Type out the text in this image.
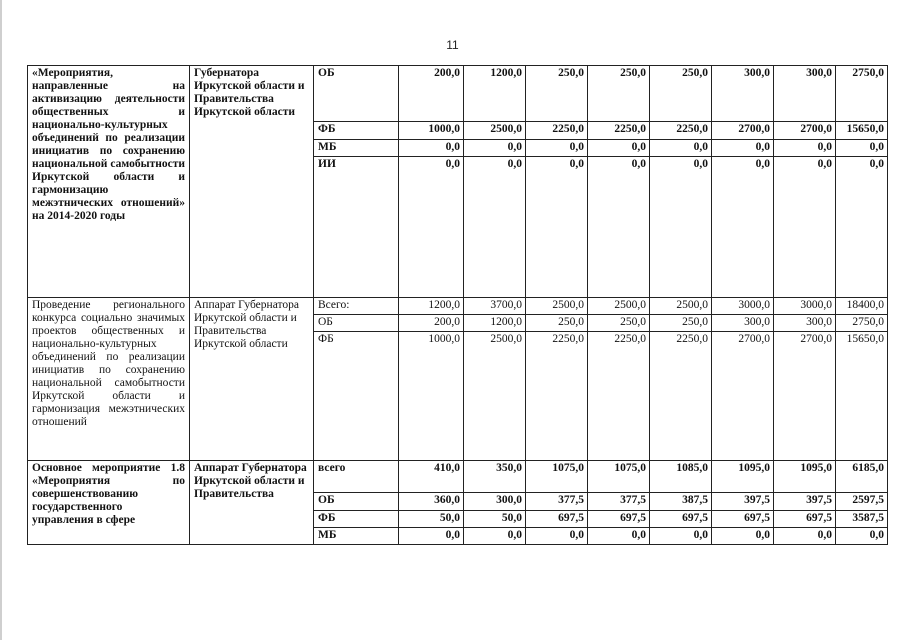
11
«Мероприятия, направленные на активизацию деятельности общественных и национально-культурных объединений по реализации инициатив по сохранению национальной самобытности Иркутской области и гармонизацию межэтнических отношений» на 2014-2020 годы	Губернатора Иркутской области и Правительства Иркутской области	ОБ	200,0	1200,0	250,0	250,0	250,0	300,0	300,0	2750,0
		ФБ	1000,0	2500,0	2250,0	2250,0	2250,0	2700,0	2700,0	15650,0
		МБ	0,0	0,0	0,0	0,0	0,0	0,0	0,0	0,0
		ИИ	0,0	0,0	0,0	0,0	0,0	0,0	0,0	0,0
Проведение регионального конкурса социально значимых проектов общественных и национально-культурных объединений по реализации инициатив по сохранению национальной самобытности Иркутской области и гармонизация межэтнических отношений	Аппарат Губернатора Иркутской области и Правительства Иркутской области	Всего:	1200,0	3700,0	2500,0	2500,0	2500,0	3000,0	3000,0	18400,0
		ОБ	200,0	1200,0	250,0	250,0	250,0	300,0	300,0	2750,0
		ФБ	1000,0	2500,0	2250,0	2250,0	2250,0	2700,0	2700,0	15650,0
Основное мероприятие 1.8 «Мероприятия по совершенствованию государственного управления в сфере	Аппарат Губернатора Иркутской области и Правительства	всего	410,0	350,0	1075,0	1075,0	1085,0	1095,0	1095,0	6185,0
		ОБ	360,0	300,0	377,5	377,5	387,5	397,5	397,5	2597,5
		ФБ	50,0	50,0	697,5	697,5	697,5	697,5	697,5	3587,5
		МБ	0,0	0,0	0,0	0,0	0,0	0,0	0,0	0,0
